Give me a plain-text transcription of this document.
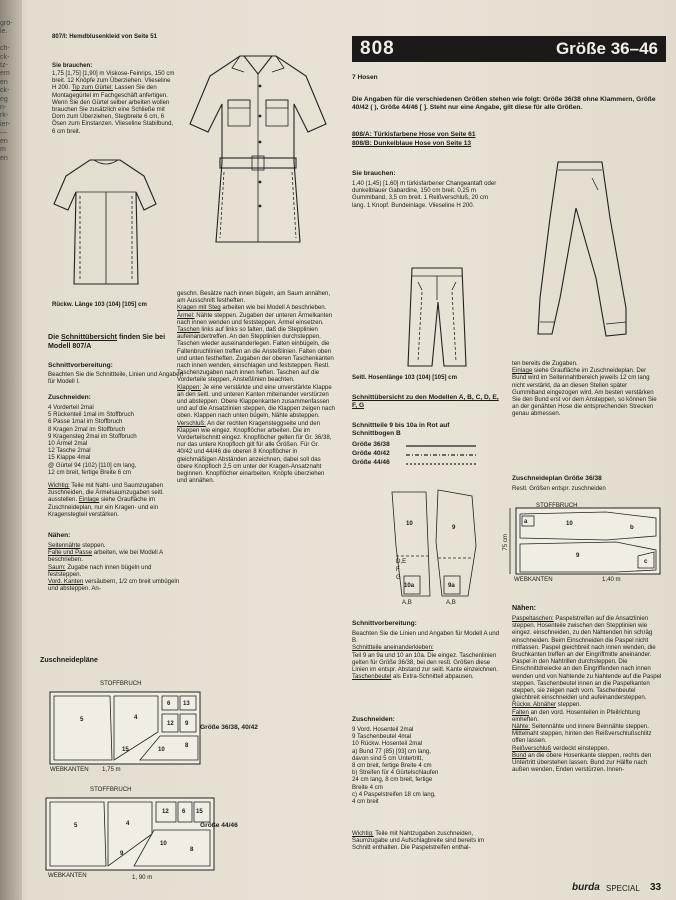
grö-
le.

ch-
ck-
tz-
em
en
ck-
eg
n-
rk-
ier-
—
en
m
en

807/I: Hemdblusenkleid von Seite 51

Sie brauchen:

1,75 [1,75] [1,90] m Viskose-Feinrips, 150 cm breit. 12 Knöpfe zum Überziehen. Vlieseline H 200. Tip zum Gürtel: Lassen Sie den Montagegürtel im Fachgeschäft anfertigen. Wenn Sie den Gürtel selber arbeiten wollen brauchen Sie zusätzlich eine Schließe mit Dorn zum Überziehen, Stegbreite 6 cm, 6 Ösen zum Einstanzen. Vlieseline Stabilbund, 6 cm breit.

Rückw. Länge 103 (104) [105] cm

Die Schnittübersicht finden Sie bei Modell 807/A

Schnittvorbereitung:

Beachten Sie die Schnittteile, Linien und Angaben für Modell I.

Zuschneiden:

4 Vorderteil 2mal
5 Rückenteil 1mal im Stoffbruch
6 Passe 1mal im Stoffbruch
8 Kragen 2mal im Stoffbruch
9 Kragensteg 2mal im Stoffbruch
10 Ärmel 2mal
12 Tasche 2mal
15 Klappe 4mal
@ Gürtel 94 (102) [110] cm lang,
12 cm breit, fertige Breite 6 cm

Wichtig: Teile mit Naht- und Saumzugaben zuschneiden, die Ärmelsaumzugaben seitl. ausstellen. Einlage siehe Graufläche im Zuschneideplan, nur ein Kragen- und ein Kragenstegteil verstärken.

Nähen:

Seitennähte steppen.
Falte und Passe arbeiten, wie bei Modell A beschrieben.
Saum: Zugabe nach innen bügeln und feststeppen.
Vord. Kanten versäubern, 1/2 cm breit umbügeln und absteppen. An-

Zuschneidepläne

STOFFBRUCH
5	4
6 13
12 9
8
10
15
WEBKANTEN 1,75 m

Größe 36/38, 40/42

STOFFBRUCH
5	4
12 6 15
10
8
9
WEBKANTEN	1, 90 m

Größe 44/46

geschn. Besätze nach innen bügeln, am Saum annähen, am Ausschnitt festheften.
Kragen mit Steg arbeiten wie bei Modell A beschrieben.
Ärmel: Nähte steppen. Zugaben der unteren Ärmelkanten nach innen wenden und feststeppen. Ärmel einsetzen.
Taschen links auf links so falten, daß die Stepplinien aufeinandertreffen. An den Stepplinien durchsteppen, Taschen wieder auseinanderlegen. Falten einbügeln, die Faltenbruchlinien treffen an die Ansteßlinien. Falten oben und unten festheften. Zugaben der oberen Taschenkanten nach innen wenden, einschlagen und feststeppen. Restl. Taschenzugaben nach innen heften. Taschen auf die Vorderteile steppen, Ansteßlinien beachten.
Klappen: Je eine verstärkte und eine unverstärkte Klappe an den seitl. und unteren Kanten miteinander verstürzen und absteppen. Obere Klappenkanten zusammenfassen und auf die Ansatzlinien steppen, die Klappen zeigen nach oben. Klappen nach unten bügeln, Nähte absteppen.
Verschluß: An der rechten Kragensteggseite und den Klappen wie eingez. Knopflöcher arbeiten. Die im Vorderteilschnitt eingez. Knopflöcher gelten für Gr. 36/38, nur das untere Knopfloch gilt für alle Größen. Für Gr. 40/42 und 44/46 die oberen 8 Knopflöcher in gleichmäßigen Abständen anzeichnen, dabei soll das obere Knopfloch 2,5 cm unter der Kragen-Ansatznaht beginnen. Knopflöcher einarbeiten. Knöpfe überziehen und annähen.

808	Größe 36–46

7 Hosen

Die Angaben für die verschiedenen Größen stehen wie folgt: Größe 36/38 ohne Klammern, Größe 40/42 ( ), Größe 44/46 [ ]. Steht nur eine Angabe, gilt diese für alle Größen.

808/A: Türkisfarbene Hose von Seite 61

808/B: Dunkelblaue Hose von Seite 13

Sie brauchen:

1,40 (1,45) [1,60] m türkisfarbener Changeantaft oder dunkelblauer Gabardine, 150 cm breit. 0,25 m Gummiband, 3,5 cm breit. 1 Reißverschluß, 20 cm lang. 1 Knopf. Bundeinlage. Vlieseline H 200.

Seitl. Hosenlänge 103 (104) [105] cm

Schnittübersicht zu den Modellen A, B, C, D, E, F, G

Schnittteile 9 bis 10a in Rot auf Schnittbogen B

Größe 36/38
Größe 40/42
Größe 44/46
10
9
10a	9a
A,B	A,B
D,E
F
G

Schnittvorbereitung:

Beachten Sie die Linien und Angaben für Modell A und B.
Schnittteile aneinanderkleben:
Teil 9 an 9a und 10 an 10a. Die eingez. Taschenlinien gelten für Größe 36/38, bei den restl. Größen diese Linien im entspr. Abstand zur seitl. Kante einzeichnen.
Taschenbeutel als Extra-Schnitteil abpausen.

Zuschneiden:

9 Vord. Hosenteil 2mal
9 Taschenbeutel 4mal
10 Rückw. Hosenteil 2mal
a) Bund 77 (85) [93] cm lang,
davon sind 5 cm Untertritt,
8 cm breit, fertige Breite 4 cm
b) Streifen für 4 Gürtelschlaufen
24 cm lang, 8 cm breit, fertige
Breite 4 cm
c) 4 Paspelstreifen 18 cm lang,
4 cm breit

Wichtig: Teile mit Nahtzugaben zuschneiden, Saumzugabe und Aufschlagbreite sind bereits im Schnitt enthalten. Die Paspelstreifen enthal-

ten bereits die Zugaben.
Einlage siehe Graufläche im Zuschneideplan. Der Bund wird im Seitennahtbereich jeweils 12 cm lang nicht verstärkt, da an diesen Stellen später Gummiband eingezogen wird. Am besten verstärken Sie den Bund erst vor dem Ansteppen, so können Sie an der genähten Hose die entsprechenden Strecken genau abmessen.

Zuschneideplan Größe 36/38

Restl. Größen entspr. zuschneiden

STOFFBRUCH
10
9
a
b
c
75 cm
WEBKANTEN	1,40 m

Nähen:

Paspeltaschen: Paspelstreifen auf die Ansatzlinien steppen. Hosenteile zwischen den Stepplinien wie eingez. einschneiden, zu den Nahtenden hin schräg einschneiden. Beim Einschneiden die Paspel nicht mitfassen. Paspel gleichbreit nach innen wenden, die Bruchkanten treffen an der Eingriffmitte aneinander. Paspel in den Nahtrillen durchsteppen. Die Einschnittdreiecke an den Eingriffenden nach innen wenden und von Nahtende zu Nahtende auf die Paspel steppen. Taschenbeutel innen an die Paspelkanten steppen, sie zeigen nach vorn. Taschenbeutel gleichbreit einschneiden und aufeinandersteppen.
Rückw. Abnäher steppen.
Falten an den vord. Hosenteilen in Pfeilrichtung einheften.
Nähte: Seitennähte und innere Beinnähte steppen. Mittelnaht steppen, hinten den Reißverschlußschlitz offen lassen.
Reißverschluß verdeckt einsteppen.
Bund an die obere Hosenkante steppen, rechts den Untertritt überstehen lassen. Bund zur Hälfte nach außen wenden, Enden verstürzen. Innen-

burda SPECIAL 33
